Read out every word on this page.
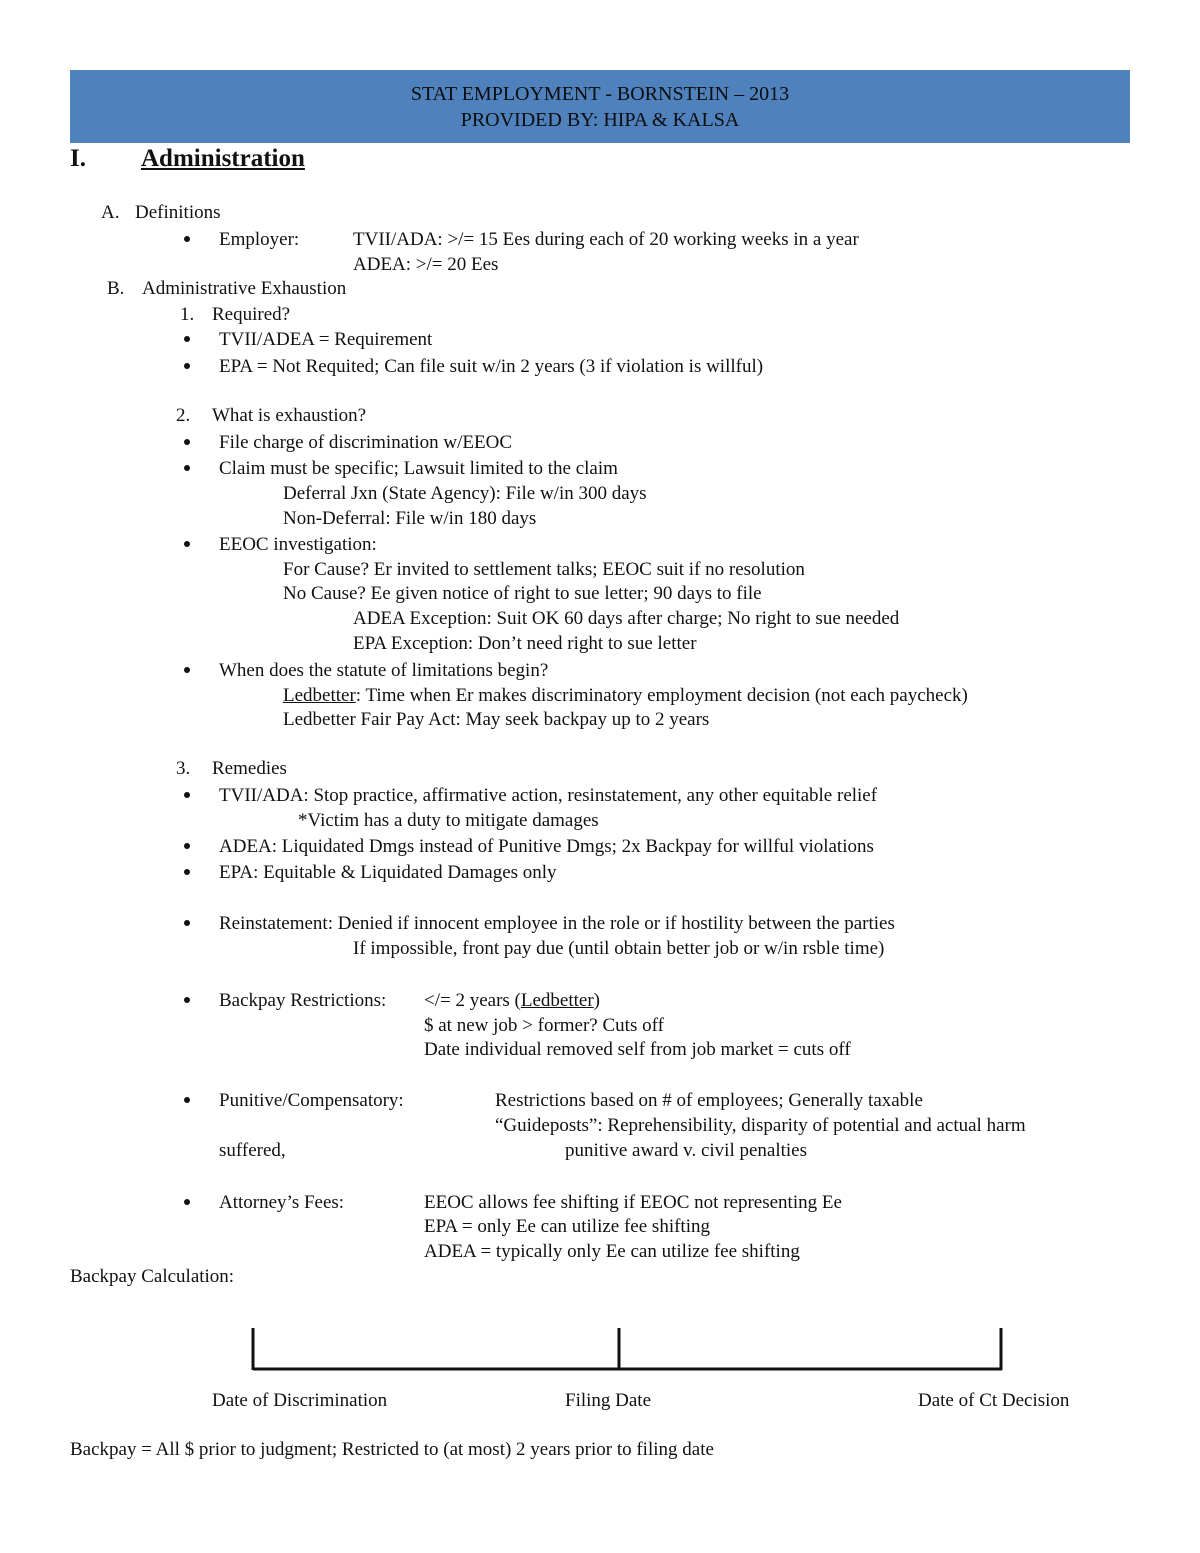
STAT EMPLOYMENT - BORNSTEIN – 2013
PROVIDED BY: HIPA & KALSA
I. Administration
A. Definitions
Employer:	TVII/ADA: >/= 15 Ees during each of 20 working weeks in a year
ADEA: >/= 20 Ees
B. Administrative Exhaustion
1. Required?
TVII/ADEA = Requirement
EPA = Not Requited; Can file suit w/in 2 years (3 if violation is willful)
2. What is exhaustion?
File charge of discrimination w/EEOC
Claim must be specific; Lawsuit limited to the claim
Deferral Jxn (State Agency): File w/in 300 days
Non-Deferral: File w/in 180 days
EEOC investigation:
For Cause? Er invited to settlement talks; EEOC suit if no resolution
No Cause? Ee given notice of right to sue letter; 90 days to file
ADEA Exception: Suit OK 60 days after charge; No right to sue needed
EPA Exception: Don’t need right to sue letter
When does the statute of limitations begin?
Ledbetter: Time when Er makes discriminatory employment decision (not each paycheck)
Ledbetter Fair Pay Act: May seek backpay up to 2 years
3. Remedies
TVII/ADA: Stop practice, affirmative action, resinstatement, any other equitable relief
*Victim has a duty to mitigate damages
ADEA: Liquidated Dmgs instead of Punitive Dmgs; 2x Backpay for willful violations
EPA: Equitable & Liquidated Damages only
Reinstatement: Denied if innocent employee in the role or if hostility between the parties
If impossible, front pay due (until obtain better job or w/in rsble time)
Backpay Restrictions: </= 2 years (Ledbetter)
$ at new job > former? Cuts off
Date individual removed self from job market = cuts off
Punitive/Compensatory:	Restrictions based on # of employees; Generally taxable
“Guideposts”: Reprehensibility, disparity of potential and actual harm
suffered,	punitive award v. civil penalties
Attorney’s Fees:	EEOC allows fee shifting if EEOC not representing Ee
EPA = only Ee can utilize fee shifting
ADEA = typically only Ee can utilize fee shifting
Backpay Calculation:
Date of Discrimination	Filing Date	Date of Ct Decision
Backpay = All $ prior to judgment; Restricted to (at most) 2 years prior to filing date
